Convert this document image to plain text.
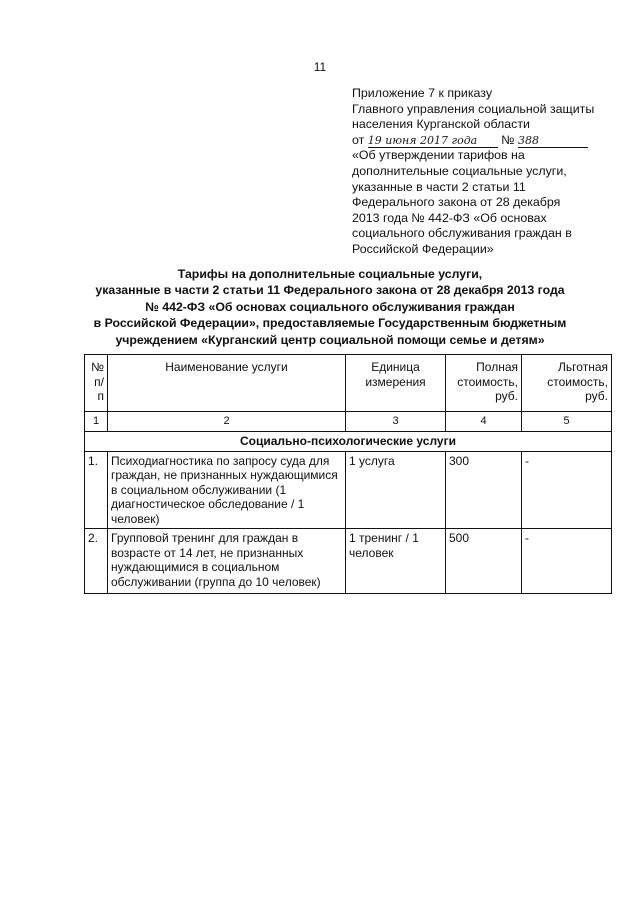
11
Приложение 7 к приказу
Главного управления социальной защиты
населения Курганской области
от 19 июня 2017 года № 388
«Об утверждении тарифов на
дополнительные социальные услуги,
указанные в части 2 статьи 11
Федерального закона от 28 декабря
2013 года № 442-ФЗ «Об основах
социального обслуживания граждан в
Российской Федерации»
Тарифы на дополнительные социальные услуги,
указанные в части 2 статьи 11 Федерального закона от 28 декабря 2013 года
№ 442-ФЗ «Об основах социального обслуживания граждан
в Российской Федерации», предоставляемые Государственным бюджетным
учреждением «Курганский центр социальной помощи семье и детям»
№ п/п	Наименование услуги	Единица измерения	Полная стоимость, руб.	Льготная стоимость, руб.
1	2	3	4	5
Социально-психологические услуги				
1.	Психодиагностика по запросу суда для граждан, не признанных нуждающимися в социальном обслуживании (1 диагностическое обследование / 1 человек)	1 услуга	300	-
2.	Групповой тренинг для граждан в возрасте от 14 лет, не признанных нуждающимися в социальном обслуживании (группа до 10 человек)	1 тренинг / 1 человек	500	-
